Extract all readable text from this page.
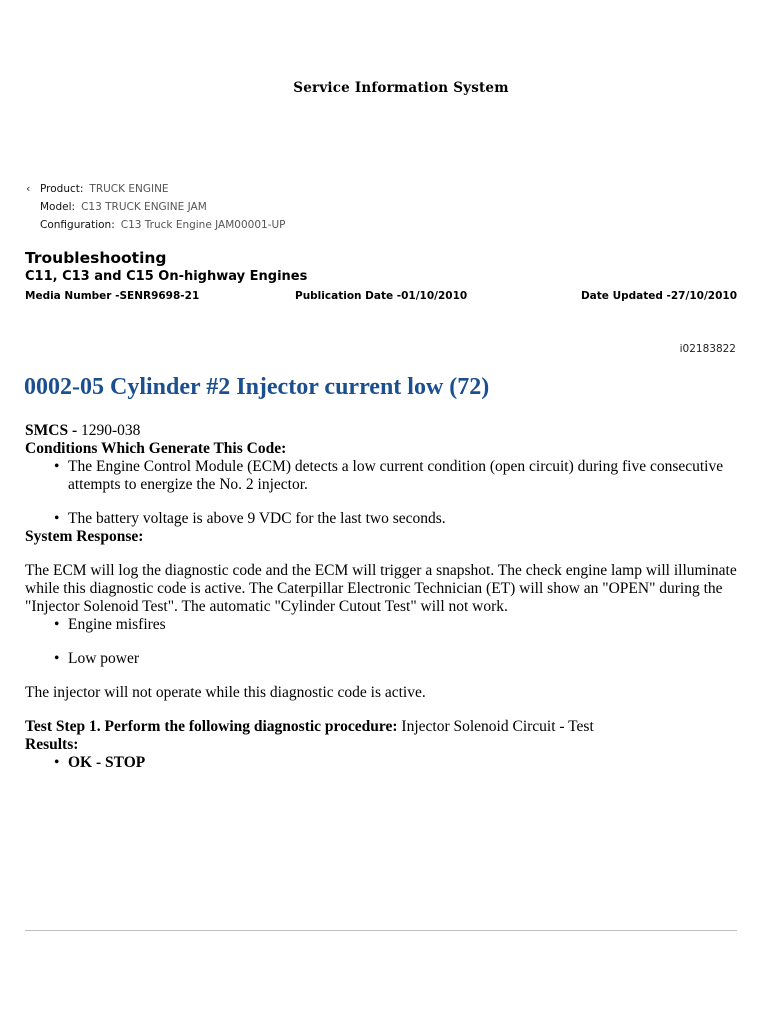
Service Information System
‹ Product: TRUCK ENGINE
Model: C13 TRUCK ENGINE JAM
Configuration: C13 Truck Engine JAM00001-UP
Troubleshooting
C11, C13 and C15 On-highway Engines
Media Number -SENR9698-21	Publication Date -01/10/2010	Date Updated -27/10/2010
i02183822
0002-05 Cylinder #2 Injector current low (72)

SMCS - 1290-038

Conditions Which Generate This Code:
• The Engine Control Module (ECM) detects a low current condition (open circuit) during five consecutive attempts to energize the No. 2 injector.
• The battery voltage is above 9 VDC for the last two seconds.
System Response:

The ECM will log the diagnostic code and the ECM will trigger a snapshot. The check engine lamp will illuminate while this diagnostic code is active. The Caterpillar Electronic Technician (ET) will show an "OPEN" during the "Injector Solenoid Test". The automatic "Cylinder Cutout Test" will not work.

• Engine misfires
• Low power

The injector will not operate while this diagnostic code is active.

Test Step 1. Perform the following diagnostic procedure: Injector Solenoid Circuit - Test

Results:
• OK - STOP
